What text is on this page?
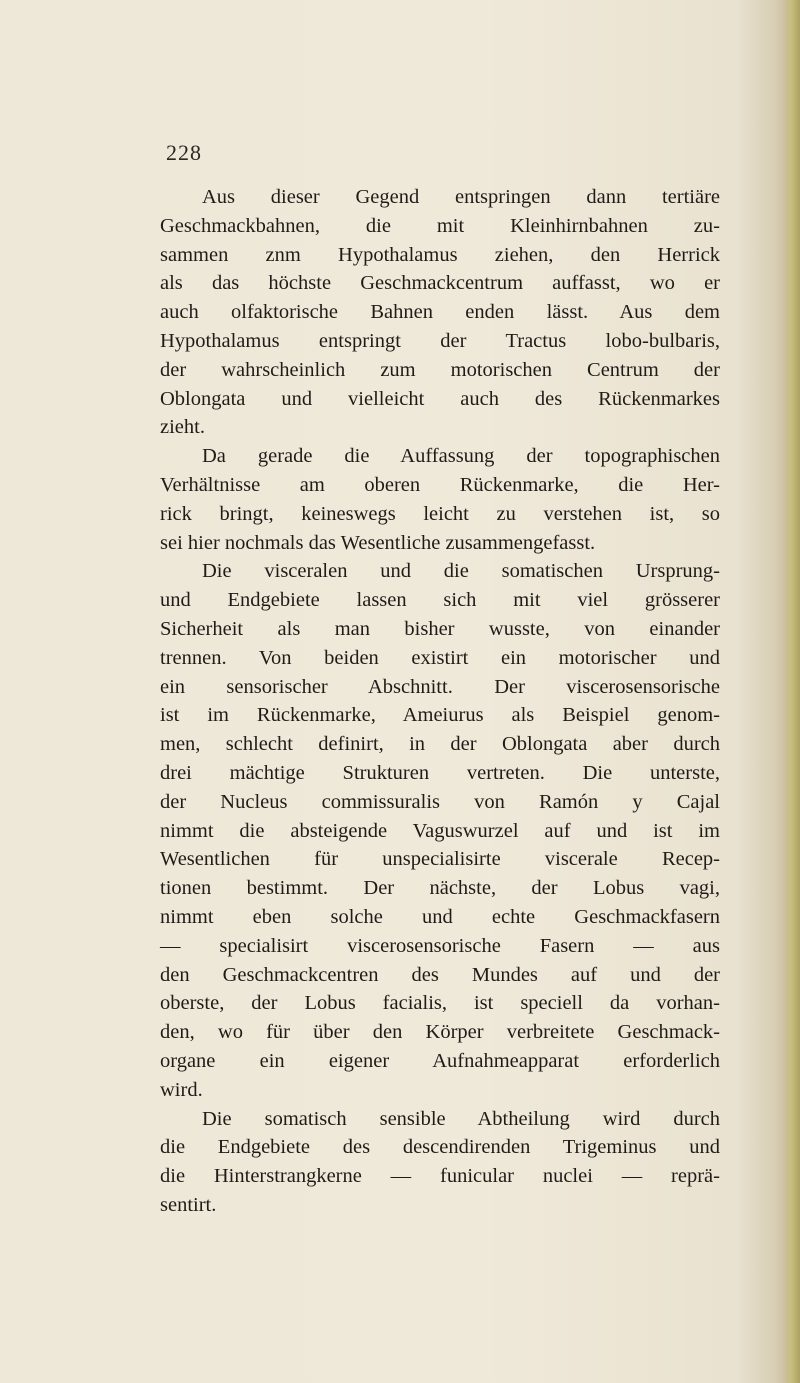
228
Aus dieser Gegend entspringen dann tertiäre
Geschmackbahnen, die mit Kleinhirnbahnen zu-
sammen znm Hypothalamus ziehen, den Herrick
als das höchste Geschmackcentrum auffasst, wo er
auch olfaktorische Bahnen enden lässt. Aus dem
Hypothalamus entspringt der Tractus lobo-bulbaris,
der wahrscheinlich zum motorischen Centrum der
Oblongata und vielleicht auch des Rückenmarkes
zieht.
Da gerade die Auffassung der topographischen
Verhältnisse am oberen Rückenmarke, die Her-
rick bringt, keineswegs leicht zu verstehen ist, so
sei hier nochmals das Wesentliche zusammengefasst.
Die visceralen und die somatischen Ursprung-
und Endgebiete lassen sich mit viel grösserer
Sicherheit als man bisher wusste, von einander
trennen. Von beiden existirt ein motorischer und
ein sensorischer Abschnitt. Der viscerosensorische
ist im Rückenmarke, Ameiurus als Beispiel genom-
men, schlecht definirt, in der Oblongata aber durch
drei mächtige Strukturen vertreten. Die unterste,
der Nucleus commissuralis von Ramón y Cajal
nimmt die absteigende Vaguswurzel auf und ist im
Wesentlichen für unspecialisirte viscerale Recep-
tionen bestimmt. Der nächste, der Lobus vagi,
nimmt eben solche und echte Geschmackfasern
— specialisirt viscerosensorische Fasern — aus
den Geschmackcentren des Mundes auf und der
oberste, der Lobus facialis, ist speciell da vorhan-
den, wo für über den Körper verbreitete Geschmack-
organe ein eigener Aufnahmeapparat erforderlich
wird.
Die somatisch sensible Abtheilung wird durch
die Endgebiete des descendirenden Trigeminus und
die Hinterstrangkerne — funicular nuclei — reprä-
sentirt.
